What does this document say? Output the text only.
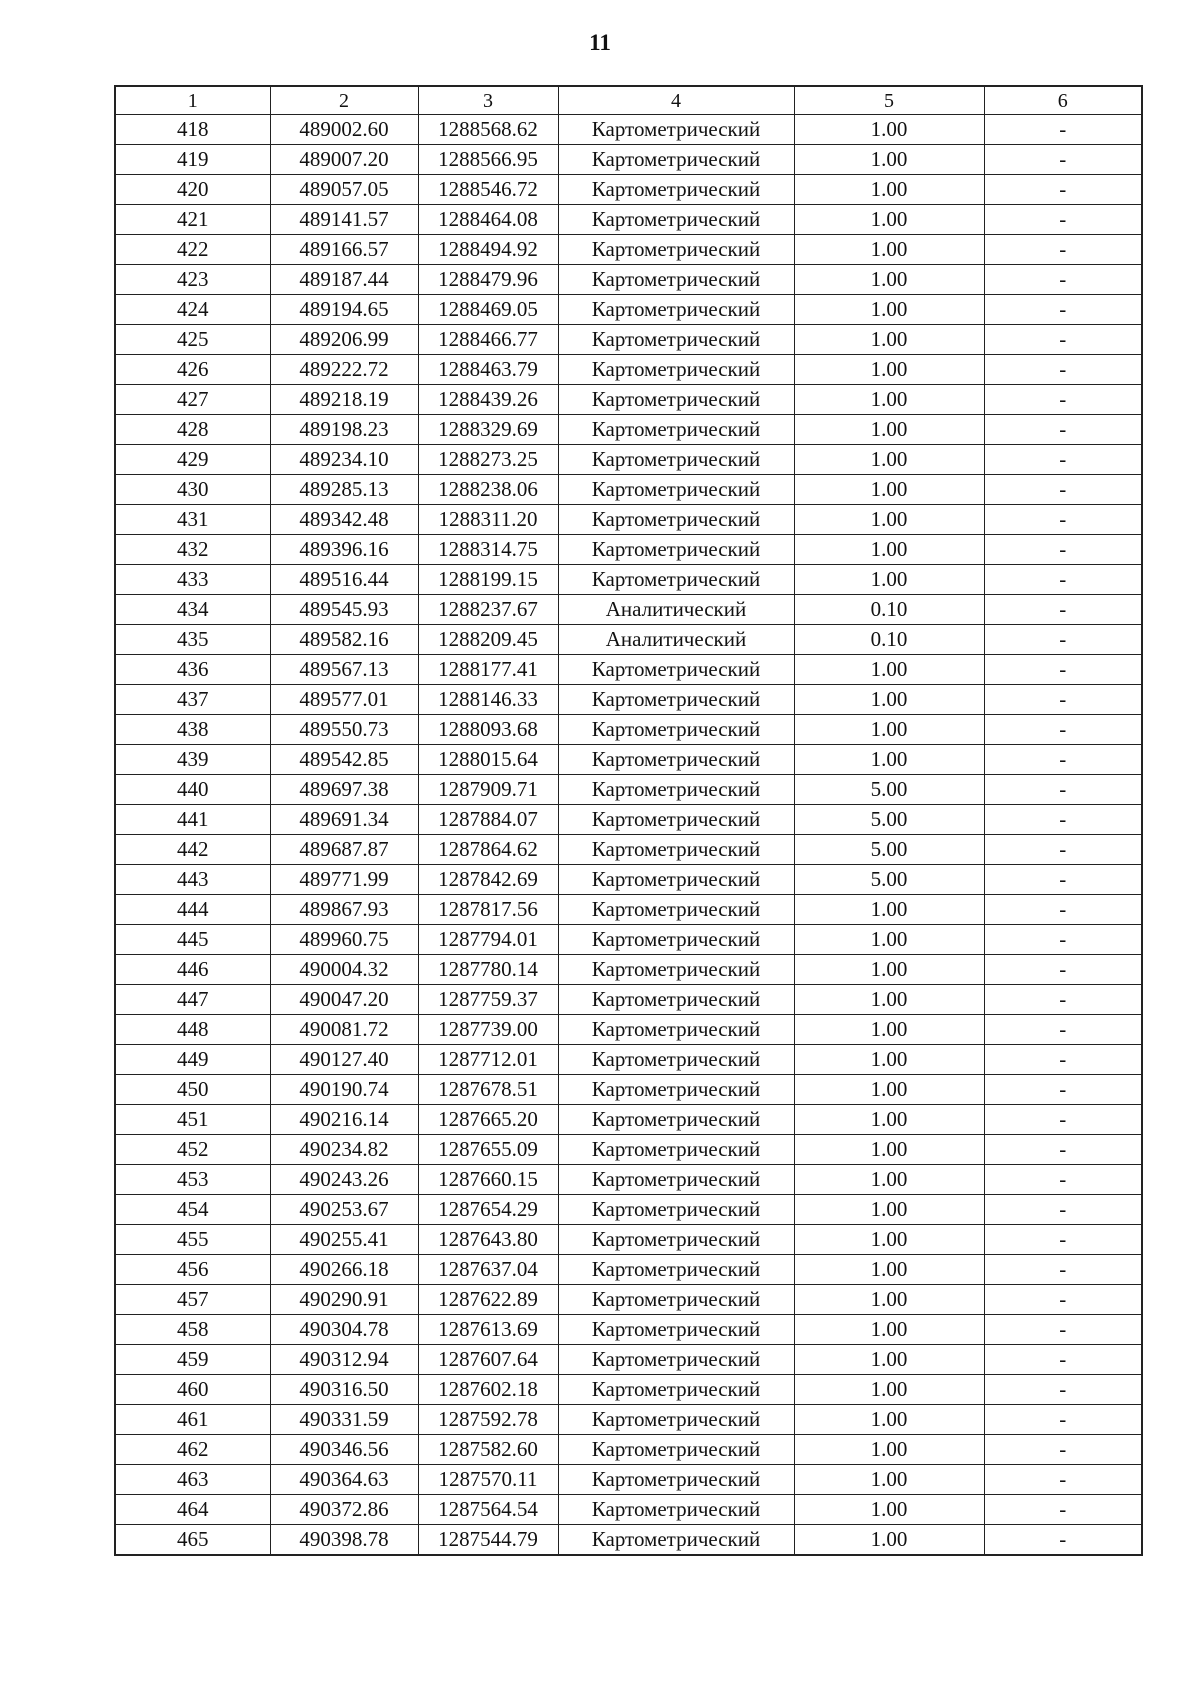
11
1	2	3	4	5	6
418	489002.60	1288568.62	Картометрический	1.00	-
419	489007.20	1288566.95	Картометрический	1.00	-
420	489057.05	1288546.72	Картометрический	1.00	-
421	489141.57	1288464.08	Картометрический	1.00	-
422	489166.57	1288494.92	Картометрический	1.00	-
423	489187.44	1288479.96	Картометрический	1.00	-
424	489194.65	1288469.05	Картометрический	1.00	-
425	489206.99	1288466.77	Картометрический	1.00	-
426	489222.72	1288463.79	Картометрический	1.00	-
427	489218.19	1288439.26	Картометрический	1.00	-
428	489198.23	1288329.69	Картометрический	1.00	-
429	489234.10	1288273.25	Картометрический	1.00	-
430	489285.13	1288238.06	Картометрический	1.00	-
431	489342.48	1288311.20	Картометрический	1.00	-
432	489396.16	1288314.75	Картометрический	1.00	-
433	489516.44	1288199.15	Картометрический	1.00	-
434	489545.93	1288237.67	Аналитический	0.10	-
435	489582.16	1288209.45	Аналитический	0.10	-
436	489567.13	1288177.41	Картометрический	1.00	-
437	489577.01	1288146.33	Картометрический	1.00	-
438	489550.73	1288093.68	Картометрический	1.00	-
439	489542.85	1288015.64	Картометрический	1.00	-
440	489697.38	1287909.71	Картометрический	5.00	-
441	489691.34	1287884.07	Картометрический	5.00	-
442	489687.87	1287864.62	Картометрический	5.00	-
443	489771.99	1287842.69	Картометрический	5.00	-
444	489867.93	1287817.56	Картометрический	1.00	-
445	489960.75	1287794.01	Картометрический	1.00	-
446	490004.32	1287780.14	Картометрический	1.00	-
447	490047.20	1287759.37	Картометрический	1.00	-
448	490081.72	1287739.00	Картометрический	1.00	-
449	490127.40	1287712.01	Картометрический	1.00	-
450	490190.74	1287678.51	Картометрический	1.00	-
451	490216.14	1287665.20	Картометрический	1.00	-
452	490234.82	1287655.09	Картометрический	1.00	-
453	490243.26	1287660.15	Картометрический	1.00	-
454	490253.67	1287654.29	Картометрический	1.00	-
455	490255.41	1287643.80	Картометрический	1.00	-
456	490266.18	1287637.04	Картометрический	1.00	-
457	490290.91	1287622.89	Картометрический	1.00	-
458	490304.78	1287613.69	Картометрический	1.00	-
459	490312.94	1287607.64	Картометрический	1.00	-
460	490316.50	1287602.18	Картометрический	1.00	-
461	490331.59	1287592.78	Картометрический	1.00	-
462	490346.56	1287582.60	Картометрический	1.00	-
463	490364.63	1287570.11	Картометрический	1.00	-
464	490372.86	1287564.54	Картометрический	1.00	-
465	490398.78	1287544.79	Картометрический	1.00	-
